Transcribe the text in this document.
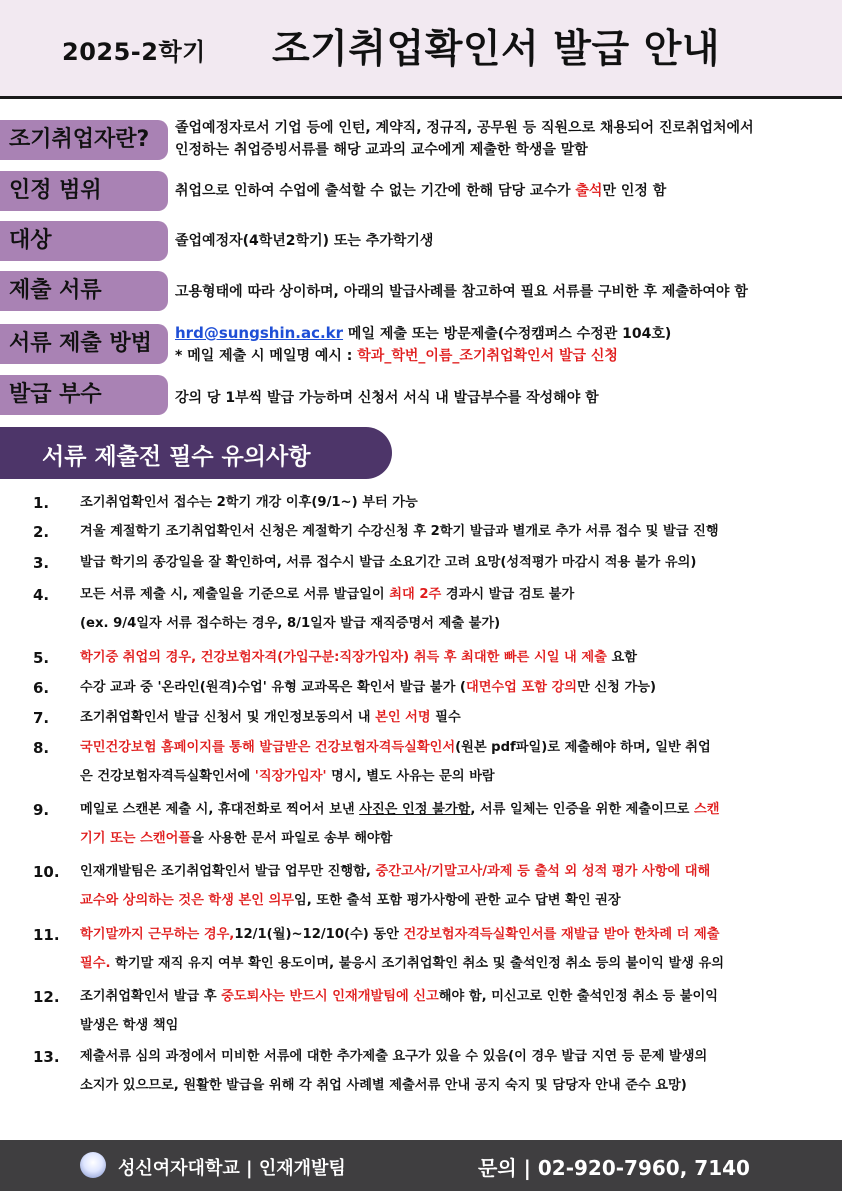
2025-2학기 조기취업확인서 발급 안내
조기취업자란?	졸업예정자로서 기업 등에 인턴, 계약직, 정규직, 공무원 등 직원으로 채용되어 진로취업처에서
인정하는 취업증빙서류를 해당 교과의 교수에게 제출한 학생을 말함
인정 범위	취업으로 인하여 수업에 출석할 수 없는 기간에 한해 담당 교수가 출석만 인정 함
대상	졸업예정자(4학년2학기) 또는 추가학기생
제출 서류	고용형태에 따라 상이하며, 아래의 발급사례를 참고하여 필요 서류를 구비한 후 제출하여야 함
서류 제출 방법	hrd@sungshin.ac.kr 메일 제출 또는 방문제출(수정캠퍼스 수정관 104호)
* 메일 제출 시 메일명 예시 : 학과_학번_이름_조기취업확인서 발급 신청
발급 부수	강의 당 1부씩 발급 가능하며 신청서 서식 내 발급부수를 작성해야 함
서류 제출전 필수 유의사항
1. 조기취업확인서 접수는 2학기 개강 이후(9/1~) 부터 가능
2. 겨울 계절학기 조기취업확인서 신청은 계절학기 수강신청 후 2학기 발급과 별개로 추가 서류 접수 및 발급 진행
3. 발급 학기의 종강일을 잘 확인하여, 서류 접수시 발급 소요기간 고려 요망(성적평가 마감시 적용 불가 유의)
4. 모든 서류 제출 시, 제출일을 기준으로 서류 발급일이 최대 2주 경과시 발급 검토 불가
(ex. 9/4일자 서류 접수하는 경우, 8/1일자 발급 재직증명서 제출 불가)
5. 학기중 취업의 경우, 건강보험자격(가입구분:직장가입자) 취득 후 최대한 빠른 시일 내 제출 요함
6. 수강 교과 중 '온라인(원격)수업' 유형 교과목은 확인서 발급 불가 (대면수업 포함 강의만 신청 가능)
7. 조기취업확인서 발급 신청서 및 개인정보동의서 내 본인 서명 필수
8. 국민건강보험 홈페이지를 통해 발급받은 건강보험자격득실확인서(원본 pdf파일)로 제출해야 하며, 일반 취업
은 건강보험자격득실확인서에 '직장가입자' 명시, 별도 사유는 문의 바람
9. 메일로 스캔본 제출 시, 휴대전화로 찍어서 보낸 사진은 인정 불가함, 서류 일체는 인증을 위한 제출이므로 스캔
기기 또는 스캔어플을 사용한 문서 파일로 송부 해야함
10. 인재개발팀은 조기취업확인서 발급 업무만 진행함, 중간고사/기말고사/과제 등 출석 외 성적 평가 사항에 대해
교수와 상의하는 것은 학생 본인 의무임, 또한 출석 포함 평가사항에 관한 교수 답변 확인 권장
11. 학기말까지 근무하는 경우,12/1(월)~12/10(수) 동안 건강보험자격득실확인서를 재발급 받아 한차례 더 제출
필수. 학기말 재직 유지 여부 확인 용도이며, 불응시 조기취업확인 취소 및 출석인정 취소 등의 불이익 발생 유의
12. 조기취업확인서 발급 후 중도퇴사는 반드시 인재개발팀에 신고해야 함, 미신고로 인한 출석인정 취소 등 불이익
발생은 학생 책임
13. 제출서류 심의 과정에서 미비한 서류에 대한 추가제출 요구가 있을 수 있음(이 경우 발급 지연 등 문제 발생의
소지가 있으므로, 원활한 발급을 위해 각 취업 사례별 제출서류 안내 공지 숙지 및 담당자 안내 준수 요망)
성신여자대학교 | 인재개발팀	문의 | 02-920-7960, 7140
